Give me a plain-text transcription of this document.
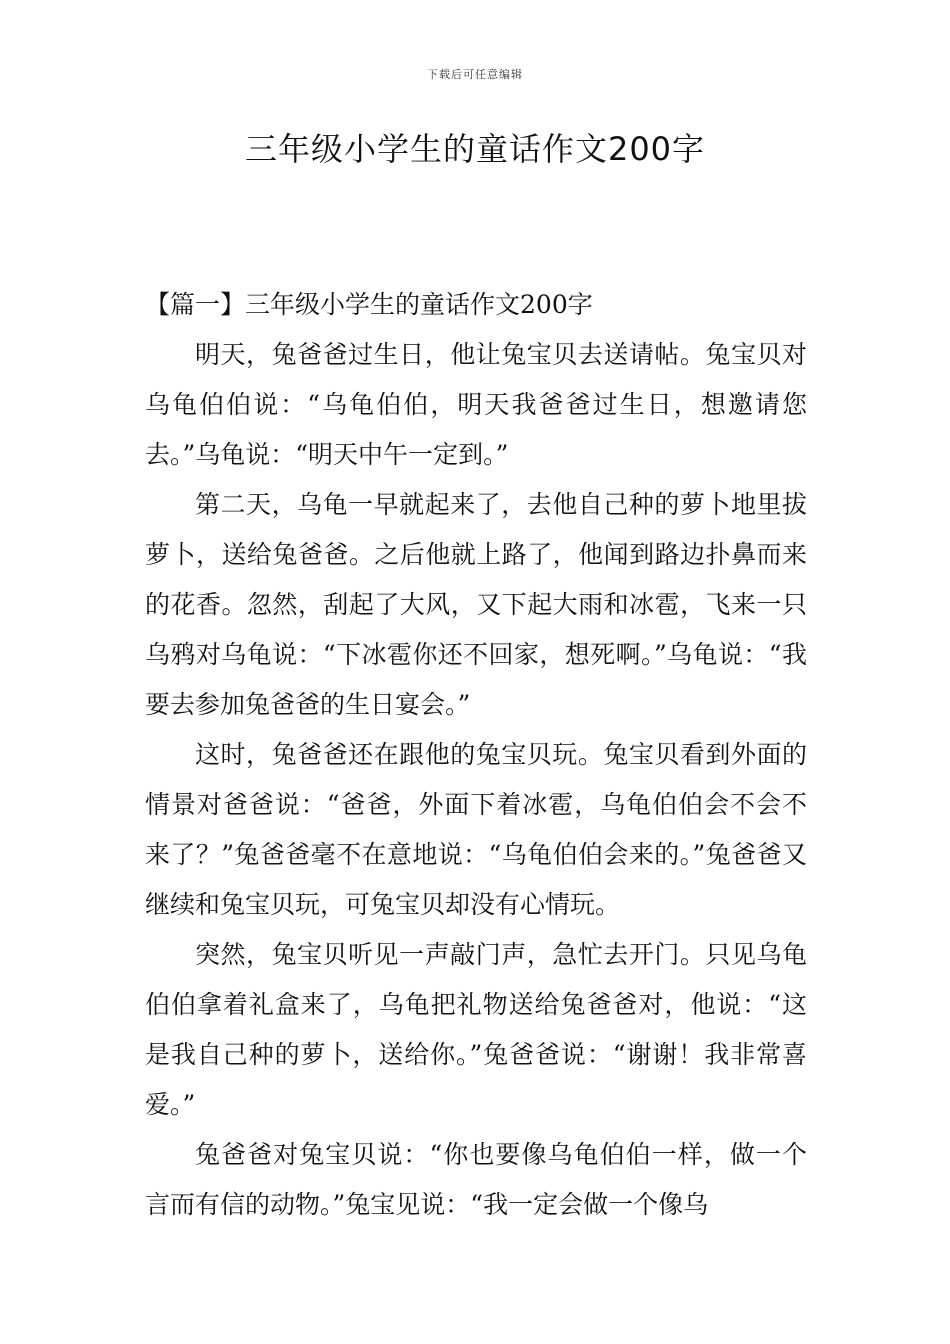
下载后可任意编辑
三年级小学生的童话作文200字

【篇一】三年级小学生的童话作文200字

明天，兔爸爸过生日，他让兔宝贝去送请帖。兔宝贝对乌龟伯伯说：“乌龟伯伯，明天我爸爸过生日，想邀请您去。”乌龟说：“明天中午一定到。”

第二天，乌龟一早就起来了，去他自己种的萝卜地里拔萝卜，送给兔爸爸。之后他就上路了，他闻到路边扑鼻而来的花香。忽然，刮起了大风，又下起大雨和冰雹，飞来一只乌鸦对乌龟说：“下冰雹你还不回家，想死啊。”乌龟说：“我要去参加兔爸爸的生日宴会。”

这时，兔爸爸还在跟他的兔宝贝玩。兔宝贝看到外面的情景对爸爸说：“爸爸，外面下着冰雹，乌龟伯伯会不会不来了？”兔爸爸毫不在意地说：“乌龟伯伯会来的。”兔爸爸又继续和兔宝贝玩，可兔宝贝却没有心情玩。

突然，兔宝贝听见一声敲门声，急忙去开门。只见乌龟伯伯拿着礼盒来了，乌龟把礼物送给兔爸爸对，他说：“这是我自己种的萝卜，送给你。”兔爸爸说：“谢谢！我非常喜爱。”

兔爸爸对兔宝贝说：“你也要像乌龟伯伯一样，做一个言而有信的动物。”兔宝见说：“我一定会做一个像乌
